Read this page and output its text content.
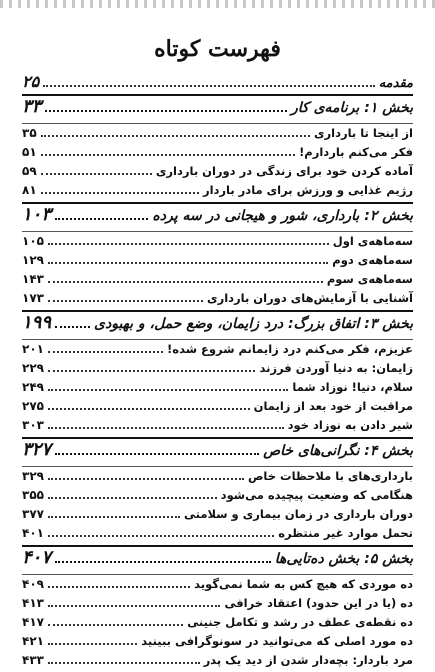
فهرست کوتاه
مقدمه
۲۵
بخش ۱: برنامه‌ی کار
۳۳
از اینجا تا بارداری
۳۵
فکر می‌کنم باردارم!
۵۱
آماده کردن خود برای زندگی در دوران بارداری
۵۹
رژیم غذایی و ورزش برای مادر باردار
۸۱
بخش ۲: بارداری، شور و هیجانی در سه پرده
۱۰۳
سه‌ماهه‌ی اول
۱۰۵
سه‌ماهه‌ی دوم
۱۲۹
سه‌ماهه‌ی سوم
۱۴۳
آشنایی با آزمایش‌های دوران بارداری
۱۷۳
بخش ۳: اتفاق بزرگ: درد زایمان، وضع حمل، و بهبودی
۱۹۹
عزیزم، فکر می‌کنم درد زایمانم شروع شده!
۲۰۱
زایمان: به دنیا آوردن فرزند
۲۲۹
سلام، دنیا! نوزاد شما
۲۴۹
مراقبت از خود بعد از زایمان
۲۷۵
شیر دادن به نوزاد خود
۳۰۳
بخش ۴: نگرانی‌های خاص
۳۲۷
بارداری‌های با ملاحظات خاص
۳۲۹
هنگامی که وضعیت پیچیده می‌شود
۳۵۵
دوران بارداری در زمان بیماری و سلامتی
۳۷۷
تحمل موارد غیر منتظره
۴۰۱
بخش ۵: بخش ده‌تایی‌ها
۴۰۷
ده موردی که هیچ کس به شما نمی‌گوید
۴۰۹
ده (یا در این حدود) اعتقاد خرافی
۴۱۳
ده نقطه‌ی عطف در رشد و تکامل جنینی
۴۱۷
ده مورد اصلی که می‌توانید در سونوگرافی ببینید
۴۲۱
مرد باردار: بچه‌دار شدن از دید یک پدر
۴۳۳
